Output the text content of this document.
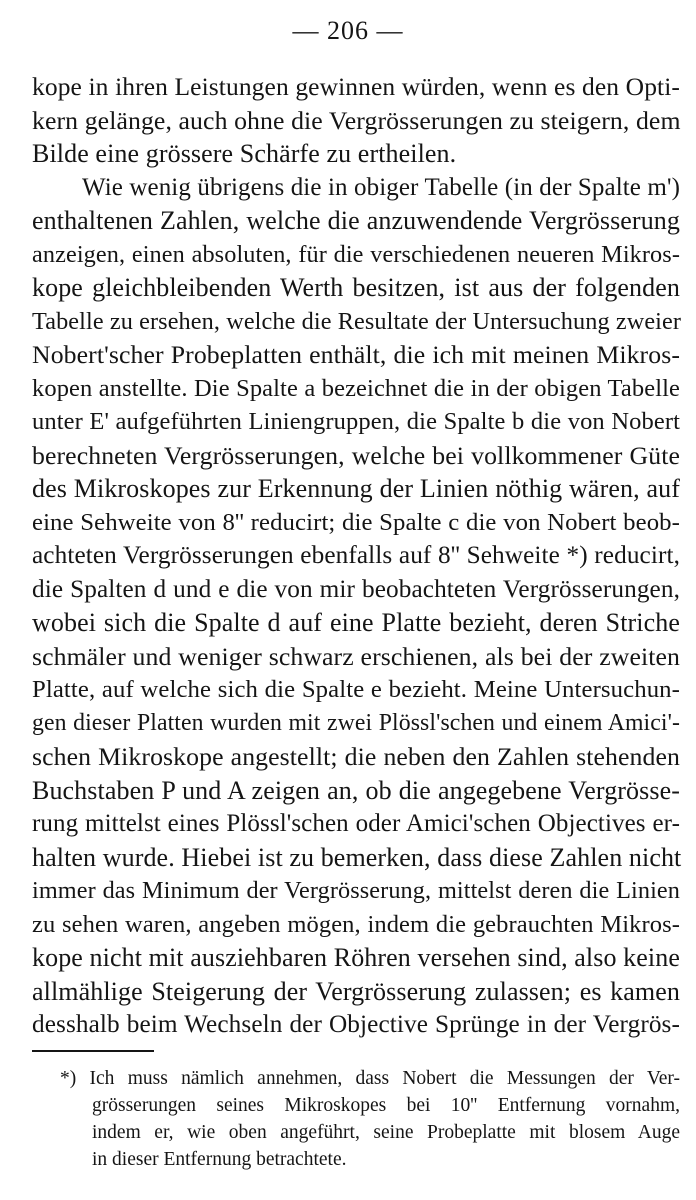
— 206 —
kope in ihren Leistungen gewinnen würden, wenn es den Opti-
kern gelänge, auch ohne die Vergrösserungen zu steigern, dem
Bilde eine grössere Schärfe zu ertheilen.
Wie wenig übrigens die in obiger Tabelle (in der Spalte m')
enthaltenen Zahlen, welche die anzuwendende Vergrösserung
anzeigen, einen absoluten, für die verschiedenen neueren Mikros-
kope gleichbleibenden Werth besitzen, ist aus der folgenden
Tabelle zu ersehen, welche die Resultate der Untersuchung zweier
Nobert'scher Probeplatten enthält, die ich mit meinen Mikros-
kopen anstellte. Die Spalte a bezeichnet die in der obigen Tabelle
unter E' aufgeführten Liniengruppen, die Spalte b die von Nobert
berechneten Vergrösserungen, welche bei vollkommener Güte
des Mikroskopes zur Erkennung der Linien nöthig wären, auf
eine Sehweite von 8'' reducirt; die Spalte c die von Nobert beob-
achteten Vergrösserungen ebenfalls auf 8'' Sehweite *) reducirt,
die Spalten d und e die von mir beobachteten Vergrösserungen,
wobei sich die Spalte d auf eine Platte bezieht, deren Striche
schmäler und weniger schwarz erschienen, als bei der zweiten
Platte, auf welche sich die Spalte e bezieht. Meine Untersuchun-
gen dieser Platten wurden mit zwei Plössl'schen und einem Amici'-
schen Mikroskope angestellt; die neben den Zahlen stehenden
Buchstaben P und A zeigen an, ob die angegebene Vergrösse-
rung mittelst eines Plössl'schen oder Amici'schen Objectives er-
halten wurde. Hiebei ist zu bemerken, dass diese Zahlen nicht
immer das Minimum der Vergrösserung, mittelst deren die Linien
zu sehen waren, angeben mögen, indem die gebrauchten Mikros-
kope nicht mit ausziehbaren Röhren versehen sind, also keine
allmählige Steigerung der Vergrösserung zulassen; es kamen
desshalb beim Wechseln der Objective Sprünge in der Vergrös-
*) Ich muss nämlich annehmen, dass Nobert die Messungen der Ver-
grösserungen seines Mikroskopes bei 10'' Entfernung vornahm,
indem er, wie oben angeführt, seine Probeplatte mit blosem Auge
in dieser Entfernung betrachtete.
